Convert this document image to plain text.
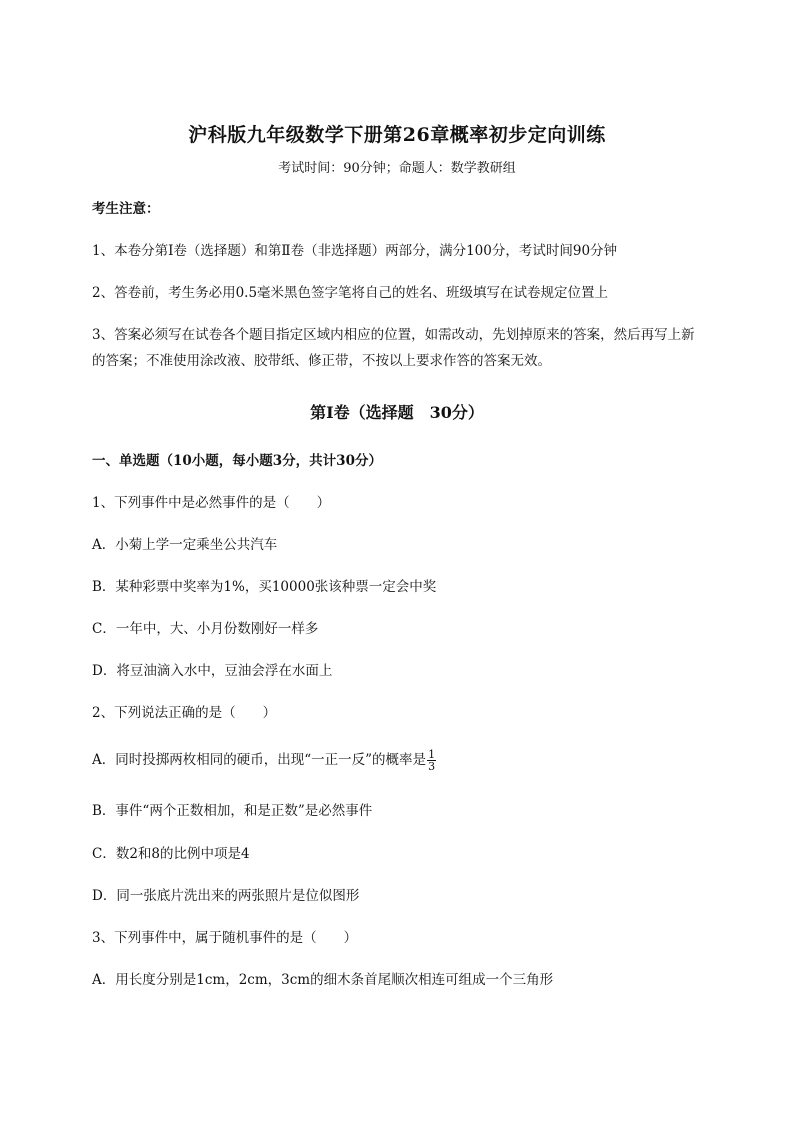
沪科版九年级数学下册第26章概率初步定向训练
考试时间：90分钟；命题人：数学教研组
考生注意：
1、本卷分第I卷（选择题）和第Ⅱ卷（非选择题）两部分，满分100分，考试时间90分钟
2、答卷前，考生务必用0.5毫米黑色签字笔将自己的姓名、班级填写在试卷规定位置上
3、答案必须写在试卷各个题目指定区域内相应的位置，如需改动，先划掉原来的答案，然后再写上新
的答案；不准使用涂改液、胶带纸、修正带，不按以上要求作答的答案无效。
第I卷（选择题　30分）
一、单选题（10小题，每小题3分，共计30分）
1、下列事件中是必然事件的是（　　）
A．小菊上学一定乘坐公共汽车
B．某种彩票中奖率为1%，买10000张该种票一定会中奖
C．一年中，大、小月份数刚好一样多
D．将豆油滴入水中，豆油会浮在水面上
2、下列说法正确的是（　　）
A．同时投掷两枚相同的硬币，出现“一正一反”的概率是 $\frac{1}{3}$
B．事件“两个正数相加，和是正数”是必然事件
C．数2和8的比例中项是4
D．同一张底片洗出来的两张照片是位似图形
3、下列事件中，属于随机事件的是（　　）
A．用长度分别是1cm，2cm，3cm的细木条首尾顺次相连可组成一个三角形
